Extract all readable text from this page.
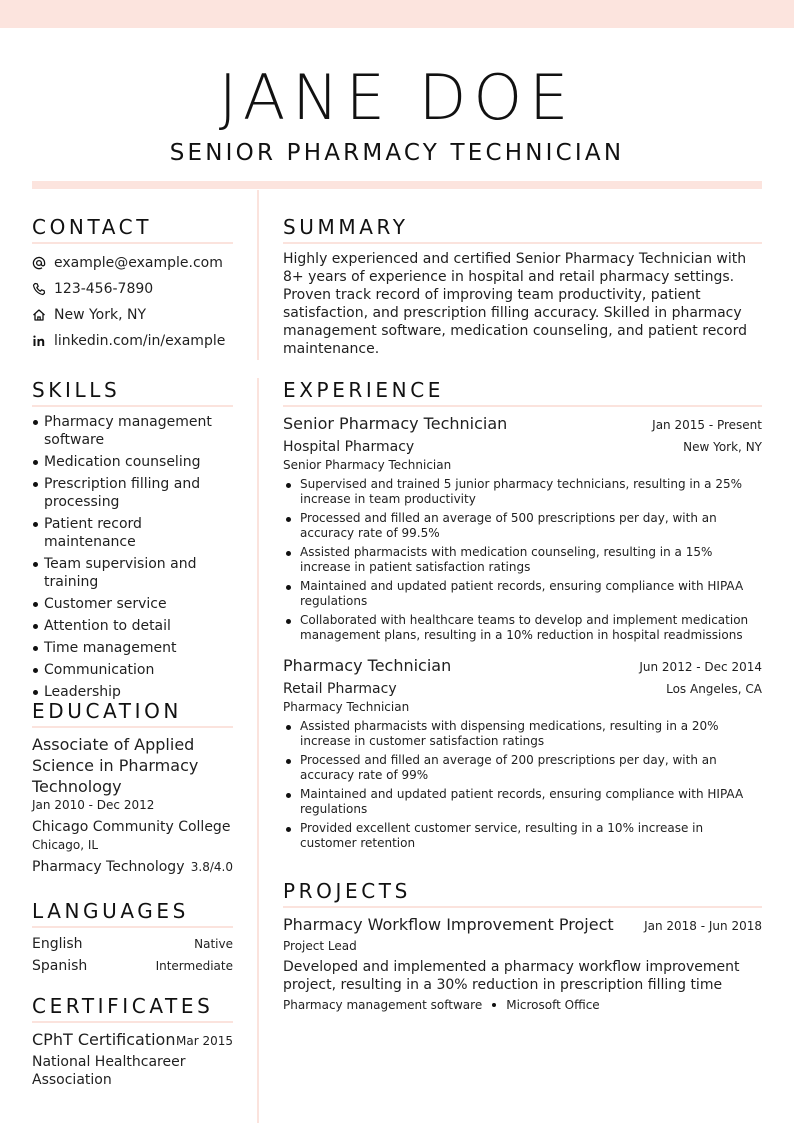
JANE DOE
SENIOR PHARMACY TECHNICIAN
CONTACT
example@example.com
123-456-7890
New York, NY
linkedin.com/in/example
SUMMARY

Highly experienced and certified Senior Pharmacy Technician with 8+ years of experience in hospital and retail pharmacy settings. Proven track record of improving team productivity, patient satisfaction, and prescription filling accuracy. Skilled in pharmacy management software, medication counseling, and patient record maintenance.

SKILLS
Pharmacy management software
Medication counseling
Prescription filling and processing
Patient record maintenance
Team supervision and training
Customer service
Attention to detail
Time management
Communication
Leadership
EDUCATION
Associate of Applied Science in Pharmacy Technology
Jan 2010 - Dec 2012
Chicago Community College
Chicago, IL
Pharmacy Technology 3.8/4.0
LANGUAGES
English	Native
Spanish	Intermediate
CERTIFICATES
CPhT Certification Mar 2015
National Healthcareer Association
EXPERIENCE
Senior Pharmacy Technician	Jan 2015 - Present
Hospital Pharmacy	New York, NY
Senior Pharmacy Technician
Supervised and trained 5 junior pharmacy technicians, resulting in a 25% increase in team productivity
Processed and filled an average of 500 prescriptions per day, with an accuracy rate of 99.5%
Assisted pharmacists with medication counseling, resulting in a 15% increase in patient satisfaction ratings
Maintained and updated patient records, ensuring compliance with HIPAA regulations
Collaborated with healthcare teams to develop and implement medication management plans, resulting in a 10% reduction in hospital readmissions
Pharmacy Technician	Jun 2012 - Dec 2014
Retail Pharmacy	Los Angeles, CA
Pharmacy Technician
Assisted pharmacists with dispensing medications, resulting in a 20% increase in customer satisfaction ratings
Processed and filled an average of 200 prescriptions per day, with an accuracy rate of 99%
Maintained and updated patient records, ensuring compliance with HIPAA regulations
Provided excellent customer service, resulting in a 10% increase in customer retention
PROJECTS
Pharmacy Workflow Improvement Project	Jan 2018 - Jun 2018
Project Lead
Developed and implemented a pharmacy workflow improvement project, resulting in a 30% reduction in prescription filling time
Pharmacy management software Microsoft Office
